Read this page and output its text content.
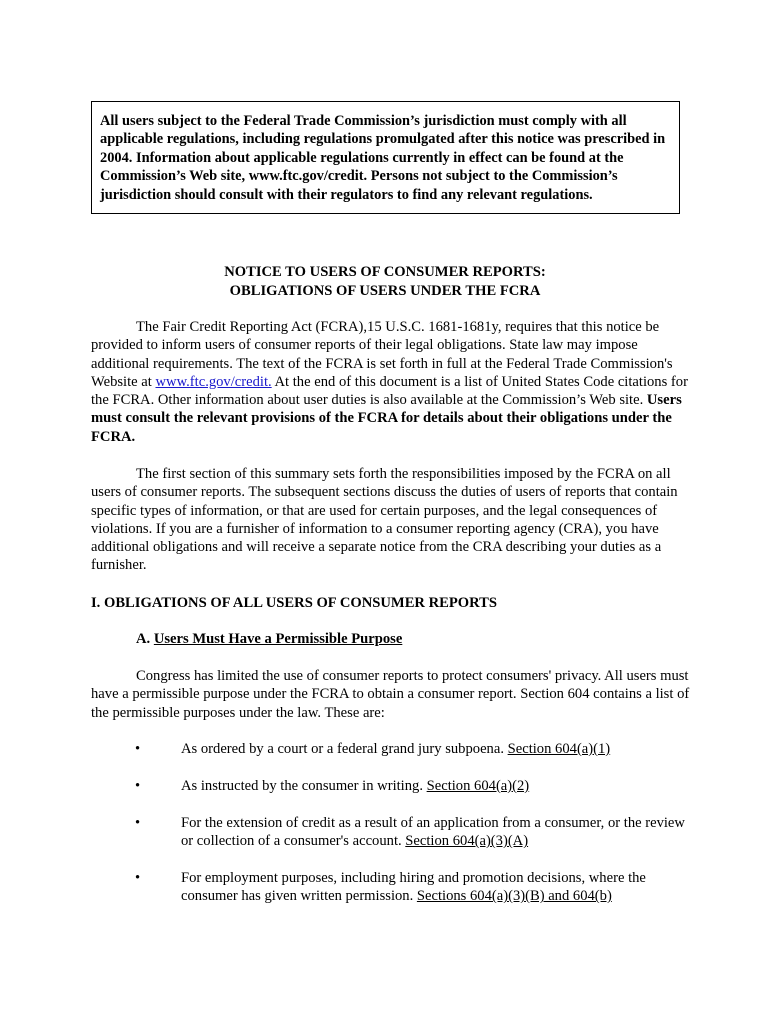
All users subject to the Federal Trade Commission’s jurisdiction must comply with all applicable regulations, including regulations promulgated after this notice was prescribed in 2004. Information about applicable regulations currently in effect can be found at the Commission’s Web site, www.ftc.gov/credit. Persons not subject to the Commission’s jurisdiction should consult with their regulators to find any relevant regulations.
NOTICE TO USERS OF CONSUMER REPORTS:
OBLIGATIONS OF USERS UNDER THE FCRA
The Fair Credit Reporting Act (FCRA),15 U.S.C. 1681-1681y, requires that this notice be provided to inform users of consumer reports of their legal obligations. State law may impose additional requirements. The text of the FCRA is set forth in full at the Federal Trade Commission's Website at www.ftc.gov/credit. At the end of this document is a list of United States Code citations for the FCRA. Other information about user duties is also available at the Commission’s Web site. Users must consult the relevant provisions of the FCRA for details about their obligations under the FCRA.
The first section of this summary sets forth the responsibilities imposed by the FCRA on all users of consumer reports. The subsequent sections discuss the duties of users of reports that contain specific types of information, or that are used for certain purposes, and the legal consequences of violations. If you are a furnisher of information to a consumer reporting agency (CRA), you have additional obligations and will receive a separate notice from the CRA describing your duties as a furnisher.
I. OBLIGATIONS OF ALL USERS OF CONSUMER REPORTS
A. Users Must Have a Permissible Purpose
Congress has limited the use of consumer reports to protect consumers' privacy. All users must have a permissible purpose under the FCRA to obtain a consumer report. Section 604 contains a list of the permissible purposes under the law. These are:
•	As ordered by a court or a federal grand jury subpoena. Section 604(a)(1)
•	As instructed by the consumer in writing. Section 604(a)(2)
•	For the extension of credit as a result of an application from a consumer, or the review or collection of a consumer's account. Section 604(a)(3)(A)
•	For employment purposes, including hiring and promotion decisions, where the consumer has given written permission. Sections 604(a)(3)(B) and 604(b)
